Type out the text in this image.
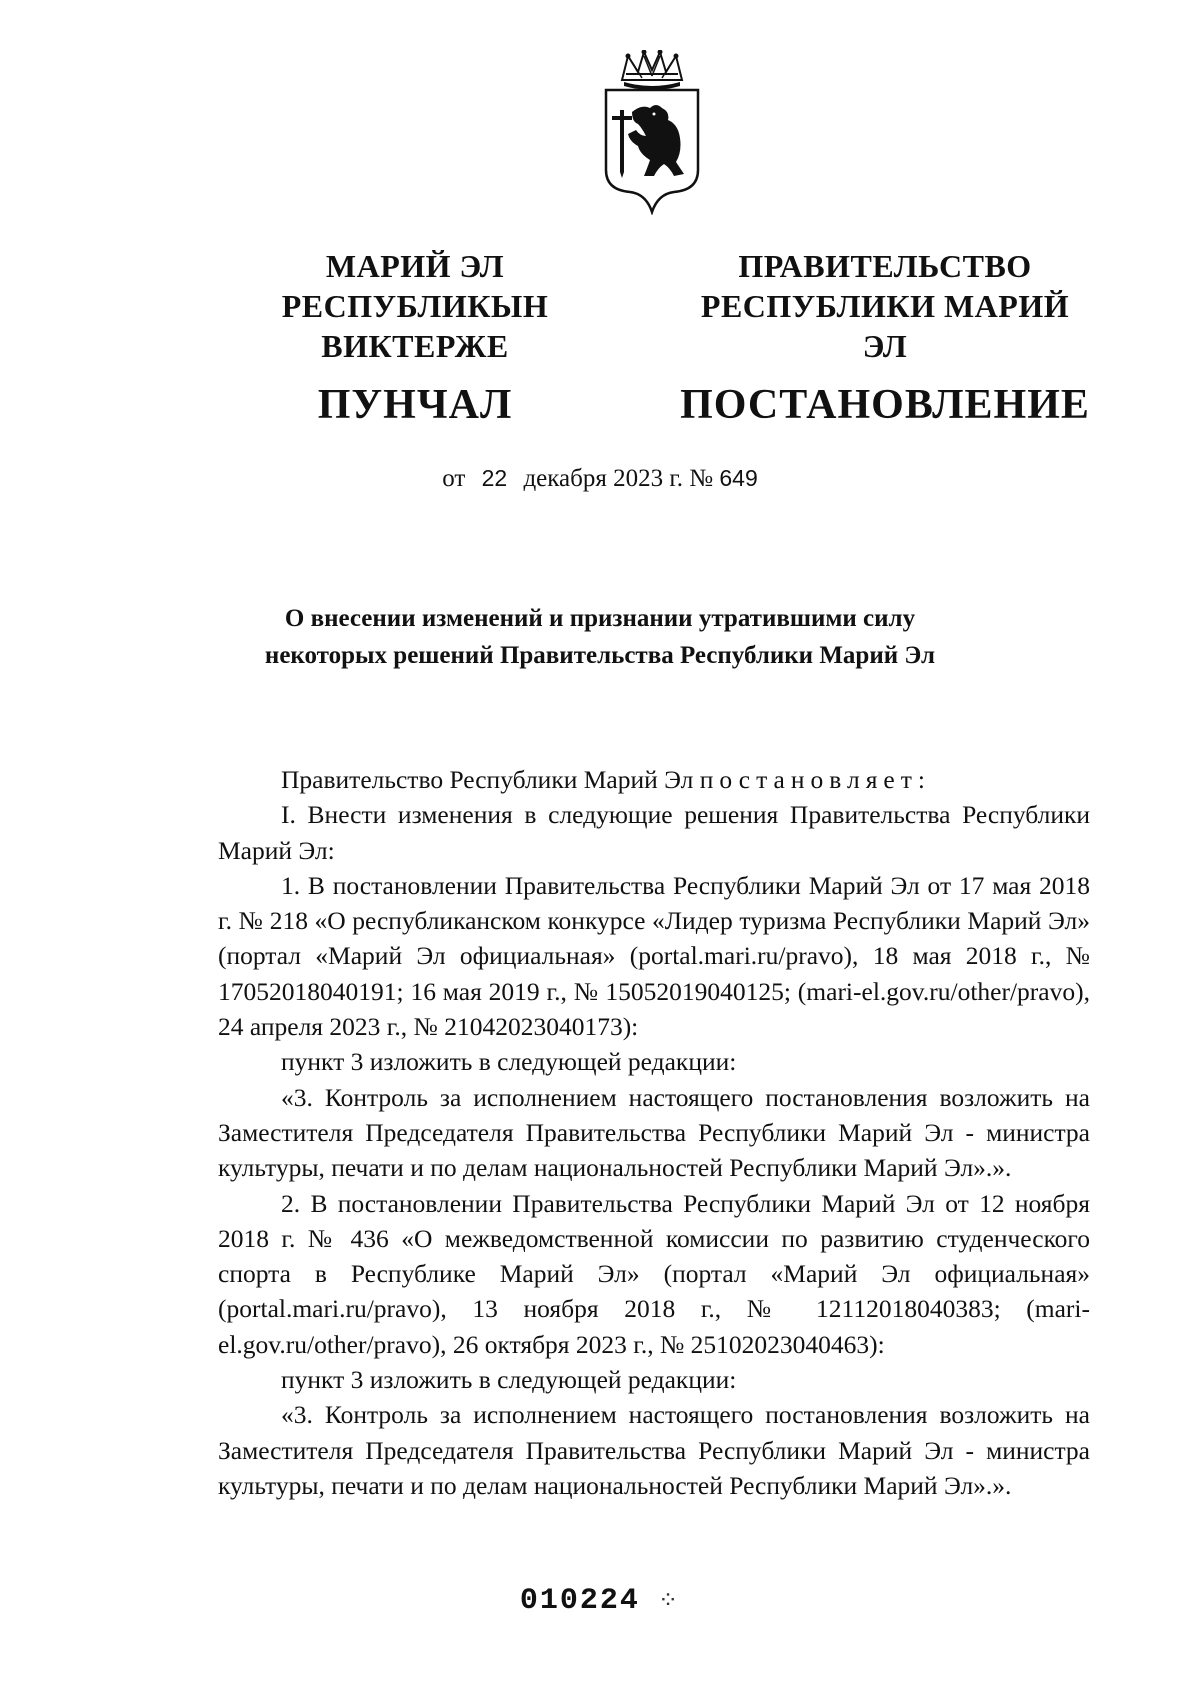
МАРИЙ ЭЛ РЕСПУБЛИКЫН
ВИКТЕРЖЕ
ПУНЧАЛ
ПРАВИТЕЛЬСТВО
РЕСПУБЛИКИ МАРИЙ ЭЛ
ПОСТАНОВЛЕНИЕ
от 22 декабря 2023 г. № 649
О внесении изменений и признании утратившими силу
некоторых решений Правительства Республики Марий Эл

Правительство Республики Марий Эл постановляет:

I. Внести изменения в следующие решения Правительства Республики Марий Эл:

1. В постановлении Правительства Республики Марий Эл от 17 мая 2018 г. № 218 «О республиканском конкурсе «Лидер туризма Республики Марий Эл» (портал «Марий Эл официальная» (portal.mari.ru/pravo), 18 мая 2018 г., № 17052018040191; 16 мая 2019 г., № 15052019040125; (mari-el.gov.ru/other/pravo), 24 апреля 2023 г., № 21042023040173):

пункт 3 изложить в следующей редакции:

«3. Контроль за исполнением настоящего постановления возложить на Заместителя Председателя Правительства Республики Марий Эл - министра культуры, печати и по делам национальностей Республики Марий Эл».».

2. В постановлении Правительства Республики Марий Эл от 12 ноября 2018 г. № 436 «О межведомственной комиссии по развитию студенческого спорта в Республике Марий Эл» (портал «Марий Эл официальная» (portal.mari.ru/pravo), 13 ноября 2018 г., № 12112018040383; (mari-el.gov.ru/other/pravo), 26 октября 2023 г., № 25102023040463):

пункт 3 изложить в следующей редакции:

«3. Контроль за исполнением настоящего постановления возложить на Заместителя Председателя Правительства Республики Марий Эл - министра культуры, печати и по делам национальностей Республики Марий Эл».».

010224 ⁘
